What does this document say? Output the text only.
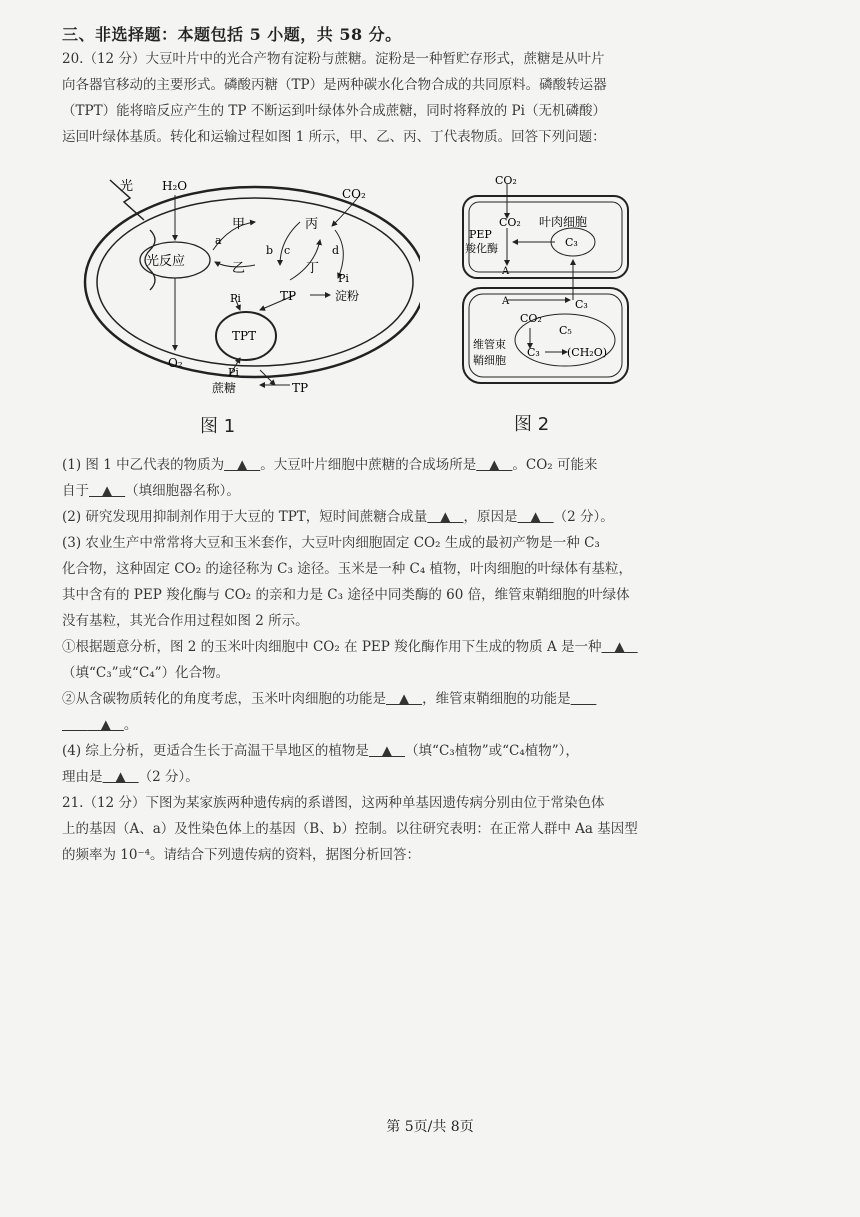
三、非选择题：本题包括 5 小题，共 58 分。
20.（12 分）大豆叶片中的光合产物有淀粉与蔗糖。淀粉是一种暂贮存形式，蔗糖是从叶片
向各器官移动的主要形式。磷酸丙糖（TP）是两种碳水化合物合成的共同原料。磷酸转运器
（TPT）能将暗反应产生的 TP 不断运到叶绿体外合成蔗糖，同时将释放的 Pi（无机磷酸）
运回叶绿体基质。转化和运输过程如图 1 所示，甲、乙、丙、丁代表物质。回答下列问题：
光 H₂O
CO₂
光反应
甲
乙
丙
丁
a
b c	d
Pi
TP	淀粉
Pi
TPT
O₂
Pi
蔗糖	TP
图 1
CO₂
CO₂ 叶肉细胞
PEP
羧化酶	C₃
A
A	C₃
CO₂
C₅
C₃ (CH₂O)
维管束
鞘细胞
图 2
(1) 图 1 中乙代表的物质为   ▲   。大豆叶片细胞中蔗糖的合成场所是   ▲   。CO₂ 可能来
自于   ▲   （填细胞器名称）。
(2) 研究发现用抑制剂作用于大豆的 TPT，短时间蔗糖合成量   ▲   ，原因是   ▲   （2 分）。
(3) 农业生产中常常将大豆和玉米套作，大豆叶肉细胞固定 CO₂ 生成的最初产物是一种 C₃
化合物，这种固定 CO₂ 的途径称为 C₃ 途径。玉米是一种 C₄ 植物，叶肉细胞的叶绿体有基粒，
其中含有的 PEP 羧化酶与 CO₂ 的亲和力是 C₃ 途径中同类酶的 60 倍，维管束鞘细胞的叶绿体
没有基粒，其光合作用过程如图 2 所示。
①根据题意分析，图 2 的玉米叶肉细胞中 CO₂ 在 PEP 羧化酶作用下生成的物质 A 是一种   ▲
（填“C₃”或“C₄”）化合物。
②从含碳物质转化的角度考虑，玉米叶肉细胞的功能是   ▲   ，维管束鞘细胞的功能是
▲   。
(4) 综上分析，更适合生长于高温干旱地区的植物是   ▲   （填“C₃植物”或“C₄植物”），
理由是   ▲   （2 分）。
21.（12 分）下图为某家族两种遗传病的系谱图，这两种单基因遗传病分别由位于常染色体
上的基因（A、a）及性染色体上的基因（B、b）控制。以往研究表明：在正常人群中 Aa 基因型
的频率为 10⁻⁴。请结合下列遗传病的资料，据图分析回答：
第 5页/共 8页
